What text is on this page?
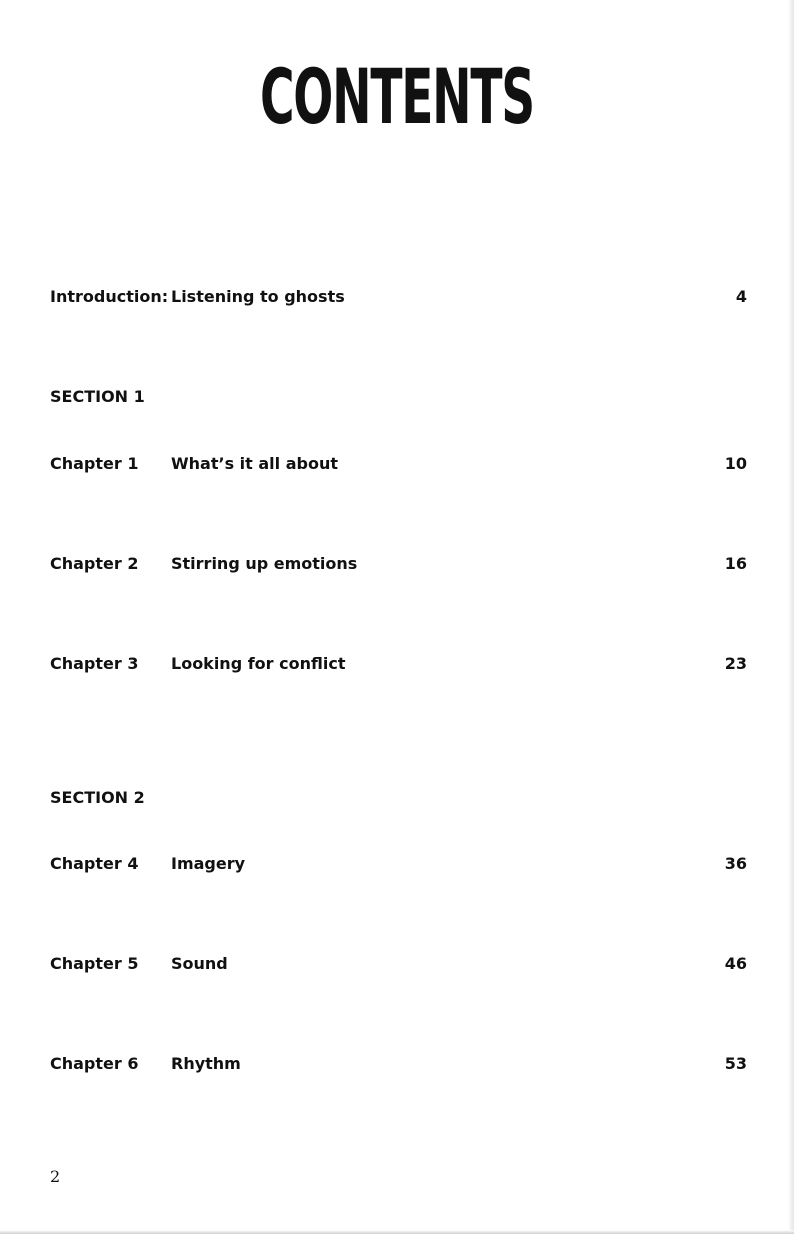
CONTENTS
Introduction: Listening to ghosts	4
SECTION 1
Chapter 1 What’s it all about	10
Chapter 2 Stirring up emotions	16
Chapter 3 Looking for conflict	23
SECTION 2
Chapter 4 Imagery	36
Chapter 5 Sound	46
Chapter 6 Rhythm	53
2
